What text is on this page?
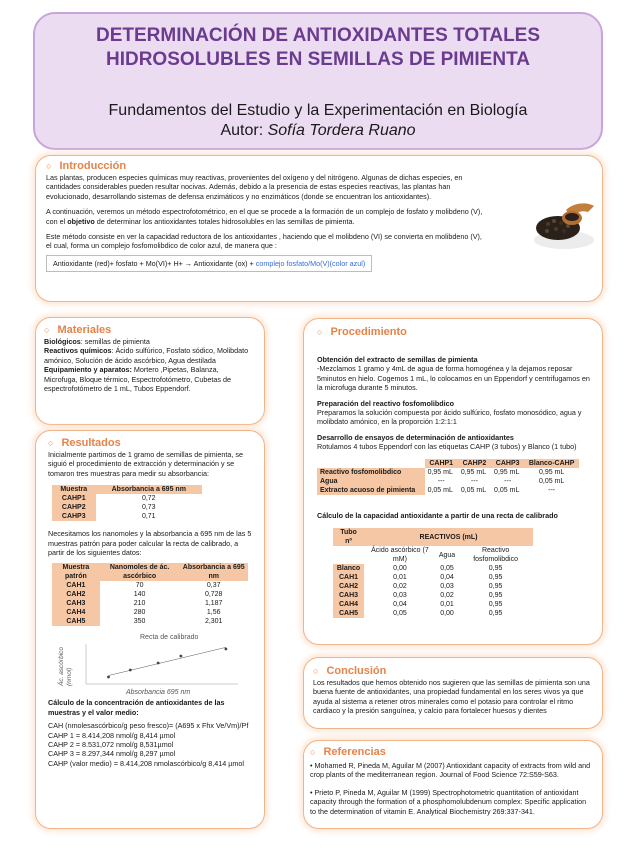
DETERMINACIÓN DE ANTIOXIDANTES TOTALES
HIDROSOLUBLES EN SEMILLAS DE PIMIENTA
Fundamentos del Estudio y la Experimentación en Biología
Autor: Sofía Tordera Ruano
○ Introducción

Las plantas, producen especies químicas muy reactivas, provenientes del oxígeno y del nitrógeno. Algunas de dichas especies, en cantidades considerables pueden resultar nocivas. Además, debido a la presencia de estas especies reactivas, las plantas han evolucionado, desarrollando sistemas de defensa enzimáticos y no enzimáticos (donde se encuentran los antioxidantes).

A continuación, veremos un método espectrofotométrico, en el que se procede a la formación de un complejo de fosfato y molibdeno (V), con el objetivo de determinar los antioxidantes totales hidrosolubles en las semillas de pimienta.

Este método consiste en ver la capacidad reductora de los antioxidantes , haciendo que el molibdeno (VI) se convierta en molibdeno (V), el cual, forma un complejo fosfomolibdico de color azul, de manera que :

Antioxidante (red)+ fosfato + Mo(VI)+ H+ → Antioxidante (ox) + complejo fosfato/Mo(V)(color azul)
○ Materiales

Biológicos: semillas de pimienta

Reactivos químicos: Ácido sulfúrico, Fosfato sódico, Molibdato amónico, Solución de ácido ascórbico, Agua destilada

Equipamiento y aparatos: Mortero ,Pipetas, Balanza, Microfuga, Bloque térmico, Espectrofotómetro, Cubetas de espectrofotómetro de 1 mL, Tubos Eppendorf.

○ Resultados

Inicialmente partimos de 1 gramo de semillas de pimienta, se siguió el procedimiento de extracción y determinación y se tomaron tres muestras para medir su absorbancia:

Muestra	Absorbancia a 695 nm
CAHP1	0,72
CAHP2	0,73
CAHP3	0,71

Necesitamos los nanomoles y la absorbancia a 695 nm de las 5 muestras patrón para poder calcular la recta de calibrado, a partir de los siguientes datos:

Muestra patrón	Nanomoles de ác. ascórbico	Absorbancia a 695 nm
CAH1	70	0,37
CAH2	140	0,728
CAH3	210	1,187
CAH4	280	1,56
CAH5	350	2,301
Recta de calibrado
Absorbancia 695 nm
Ác. ascórbico(nmol)

Cálculo de la concentración de antioxidantes de las muestras y el valor medio:

CAH (nmolesascórbico/g peso fresco)= (A695 x Fhx Ve/Vm)/Pf

CAHP 1 = 8.414,208 nmol/g 8,414 µmol

CAHP 2 = 8.531,072 nmol/g 8,531µmol

CAHP 3 = 8.297,344 nmol/g 8,297 µmol

CAHP (valor medio) = 8.414,208 nmolascórbico/g 8,414 µmol

○ Procedimiento

Obtención del extracto de semillas de pimienta

-Mezclamos 1 gramo y 4mL de agua de forma homogénea y la dejamos reposar 5minutos en hielo. Cogemos 1 mL, lo colocamos en un Eppendorf y centrifugamos en la microfuga durante 5 minutos.

Preparación del reactivo fosfomolibdico

Preparamos la solución compuesta por ácido sulfúrico, fosfato monosódico, agua y molibdato amónico, en la proporción 1:2:1:1

Desarrollo de ensayos de determinación de antioxidantes

Rotulamos 4 tubos Eppendorf con las etiquetas CAHP (3 tubos) y Blanco (1 tubo)

	CAHP1	CAHP2	CAHP3	Blanco-CAHP
Reactivo fosfomolibdico	0,95 mL	0,95 mL	0,95 mL	0,95 mL
Agua	---	---	---	0,05 mL
Extracto acuoso de pimienta	0,05 mL	0,05 mL	0,05 mL	---

Cálculo de la capacidad antioxidante a partir de una recta de calibrado

Tubo nº	REACTIVOS (mL)		
	Ácido ascórbico (7 mM)	Agua	Reactivo fosfomolibdico
Blanco	0,00	0,05	0,95
CAH1	0,01	0,04	0,95
CAH2	0,02	0,03	0,95
CAH3	0,03	0,02	0,95
CAH4	0,04	0,01	0,95
CAH5	0,05	0,00	0,95
○ Conclusión

Los resultados que hemos obtenido nos sugieren que las semillas de pimienta son una buena fuente de antioxidantes, una propiedad fundamental en los seres vivos ya que ayuda al sistema a retener otros minerales como el potasio para controlar el ritmo cardiaco y la presión sanguínea, y calcio para fortalecer huesos y dientes

○ Referencias

• Mohamed R, Pineda M, Aguilar M (2007) Antioxidant capacity of extracts from wild and crop plants of the mediterranean region. Journal of Food Science 72:S59-S63.

• Prieto P, Pineda M, Aguilar M (1999) Spectrophotometric quantitation of antioxidant capacity through the formation of a phosphomolubdenum complex: Specific application to the determination of vitamin E. Analytical Biochemistry 269:337-341.
